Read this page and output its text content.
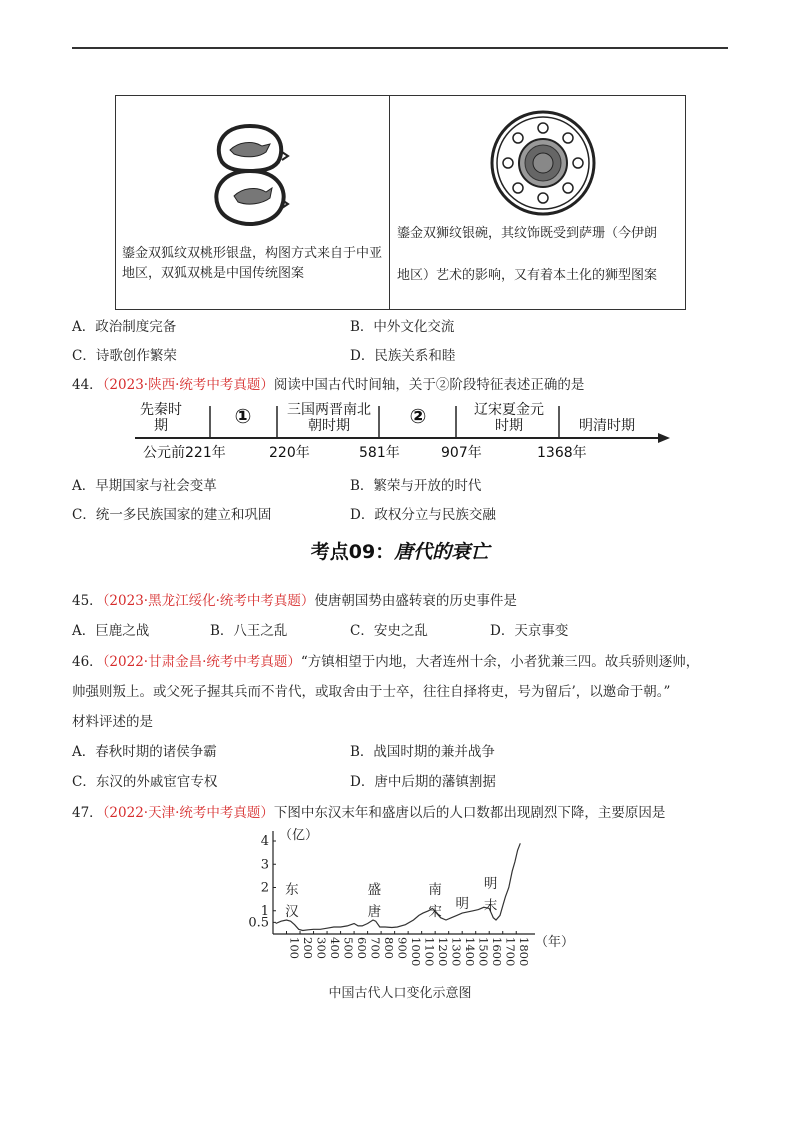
鎏金双狐纹双桃形银盘，构图方式来自于中亚地区，双狐双桃是中国传统图案
鎏金双狮纹银碗，其纹饰既受到萨珊（今伊朗
地区）艺术的影响，又有着本土化的狮型图案
A．政治制度完备	B．中外文化交流
C．诗歌创作繁荣	D．民族关系和睦
44．（2023·陕西·统考中考真题）阅读中国古代时间轴，关于②阶段特征表述正确的是
先秦时期	①	三国两晋南北朝时期	②	辽宋夏金元时期	明清时期
公元前221年	220年	581年	907年	1368年
A．早期国家与社会变革	B．繁荣与开放的时代
C．统一多民族国家的建立和巩固	D．政权分立与民族交融
考点09：唐代的衰亡
45．（2023·黑龙江绥化·统考中考真题）使唐朝国势由盛转衰的历史事件是
A．巨鹿之战	B．八王之乱	C．安史之乱	D．天京事变
46．（2022·甘肃金昌·统考中考真题）“方镇相望于内地，大者连州十余，小者犹兼三四。故兵骄则逐帅，
帅强则叛上。或父死子握其兵而不肯代，或取舍由于士卒，往往自择将吏，号为留后’，以邀命于朝。”
材料评述的是
A．春秋时期的诸侯争霸	B．战国时期的兼并战争
C．东汉的外戚宦官专权	D．唐中后期的藩镇割据
47．（2022·天津·统考中考真题）下图中东汉末年和盛唐以后的人口数都出现剧烈下降，主要原因是
（亿）
（年）
0.5
1
2
3
4
100 200 300 400 500 600 700 800 900 1000 1100 1200 1300 1400 1500 1600 1700 1800
东汉
盛唐
南宋 明
明末
中国古代人口变化示意图
